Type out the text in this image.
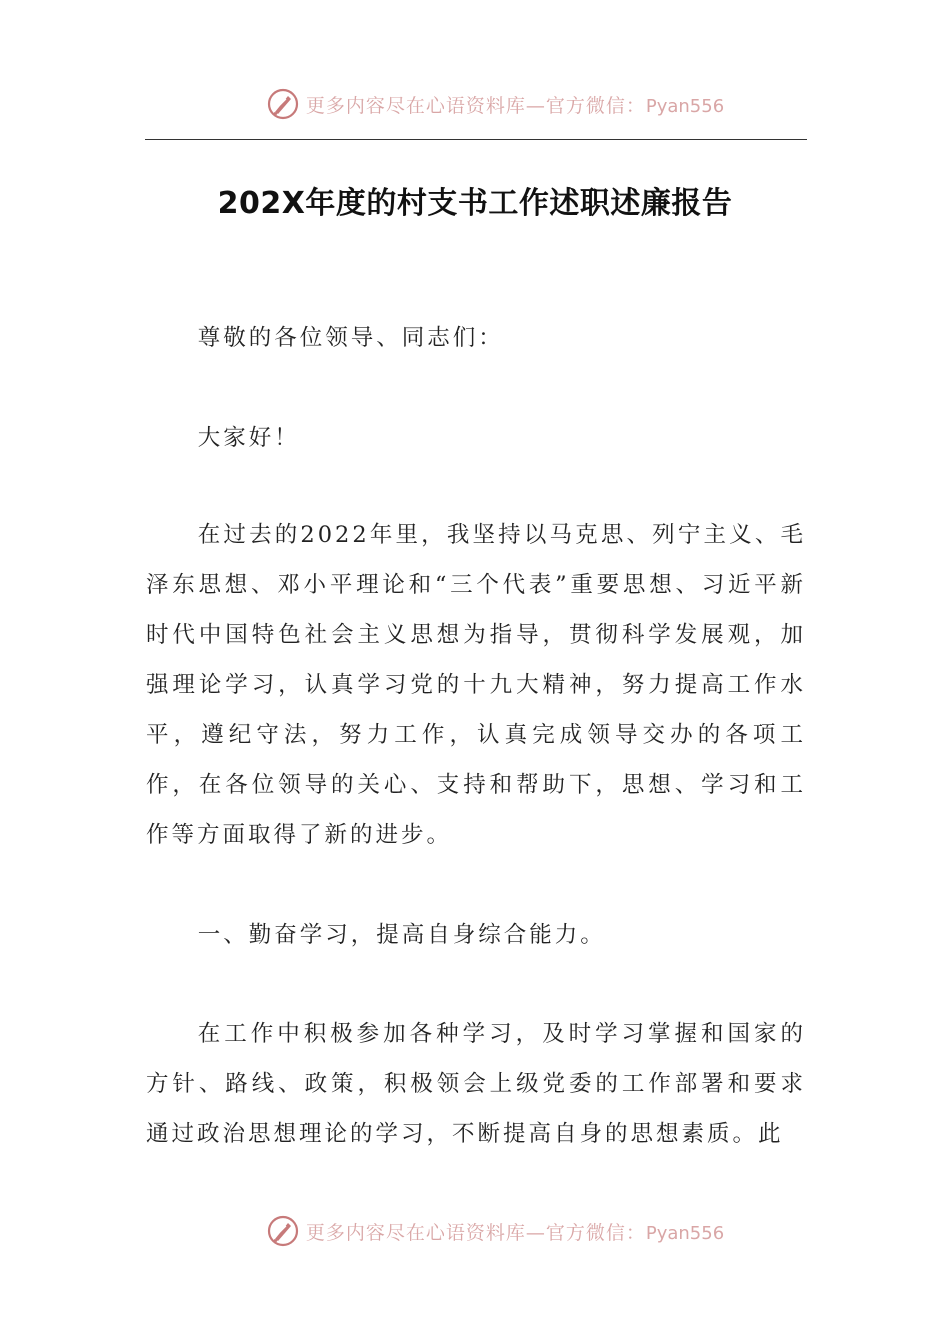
更多内容尽在心语资料库—官方微信：Pyan556
202X年度的村支书工作述职述廉报告

尊敬的各位领导、同志们：

大家好！

在过去的2022年里，我坚持以马克思、列宁主义、毛泽东思想、邓小平理论和“三个代表”重要思想、习近平新时代中国特色社会主义思想为指导，贯彻科学发展观，加强理论学习，认真学习党的十九大精神，努力提高工作水平，遵纪守法，努力工作，认真完成领导交办的各项工作，在各位领导的关心、支持和帮助下，思想、学习和工作等方面取得了新的进步。

一、勤奋学习，提高自身综合能力。

在工作中积极参加各种学习，及时学习掌握和国家的方针、路线、政策，积极领会上级党委的工作部署和要求通过政治思想理论的学习，不断提高自身的思想素质。此

更多内容尽在心语资料库—官方微信：Pyan556
